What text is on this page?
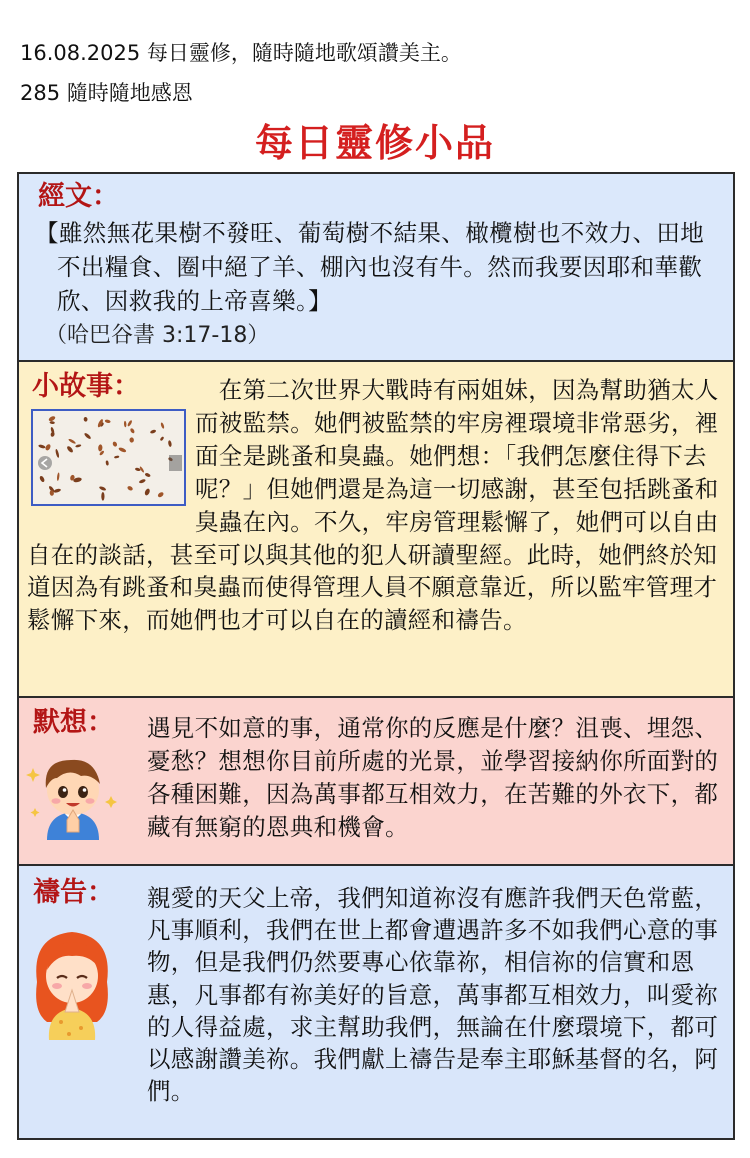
16.08.2025 每日靈修，隨時隨地歌頌讚美主。
285 隨時隨地感恩
每日靈修小品
經文：
【雖然無花果樹不發旺、葡萄樹不結果、橄欖樹也不效力、田地不出糧食、圈中絕了羊、棚內也沒有牛。然而我要因耶和華歡欣、因救我的上帝喜樂。】
（哈巴谷書 3:17-18）
小故事：	　在第二次世界大戰時有兩姐妹，因為幫助猶太人而被監禁。她們被監禁的牢房裡環境非常惡劣，裡面全是跳蚤和臭蟲。她們想：「我們怎麼住得下去呢？」但她們還是為這一切感謝，甚至包括跳蚤和臭蟲在內。不久，牢房管理鬆懈了，她們可以自由自在的談話，甚至可以與其他的犯人研讀聖經。此時，她們終於知道因為有跳蚤和臭蟲而使得管理人員不願意靠近，所以監牢管理才鬆懈下來，而她們也才可以自在的讀經和禱告。

默想： 遇見不如意的事，通常你的反應是什麼？沮喪、埋怨、憂愁？想想你目前所處的光景，並學習接納你所面對的各種困難，因為萬事都互相效力，在苦難的外衣下，都藏有無窮的恩典和機會。

禱告： 親愛的天父上帝，我們知道祢沒有應許我們天色常藍，凡事順利，我們在世上都會遭遇許多不如我們心意的事物，但是我們仍然要專心依靠祢，相信祢的信實和恩惠，凡事都有祢美好的旨意，萬事都互相效力，叫愛祢的人得益處，求主幫助我們，無論在什麼環境下，都可以感謝讚美祢。我們獻上禱告是奉主耶穌基督的名，阿們。
